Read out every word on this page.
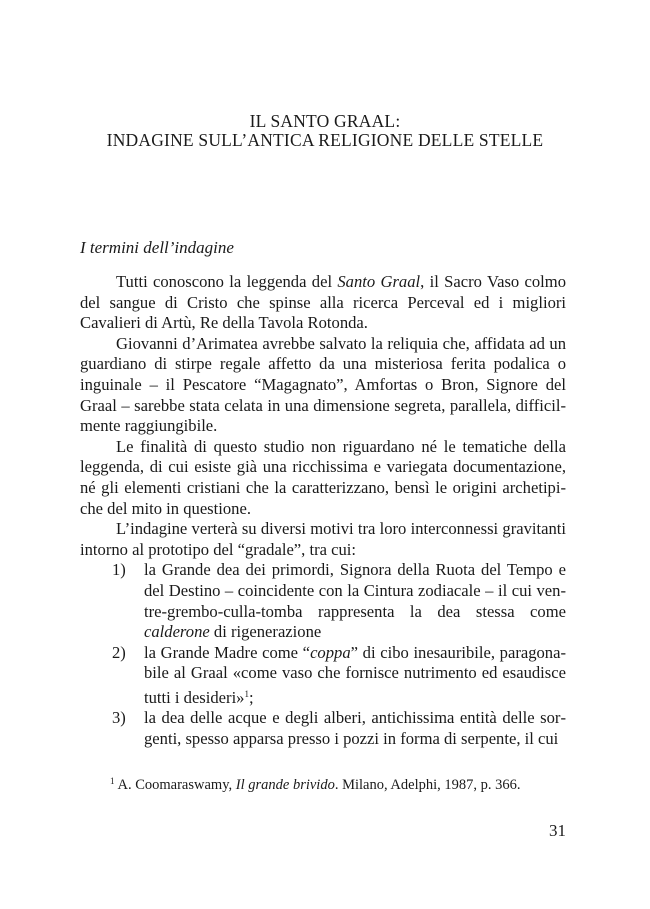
IL SANTO GRAAL:
INDAGINE SULL’ANTICA RELIGIONE DELLE STELLE
I termini dell’indagine

Tutti conoscono la leggenda del Santo Graal, il Sacro Vaso colmo del sangue di Cristo che spinse alla ricerca Perceval ed i migliori Cavalieri di Artù, Re della Tavola Rotonda.

Giovanni d’Arimatea avrebbe salvato la reliquia che, affidata ad un guardiano di stirpe regale affetto da una misteriosa ferita podalica o inguinale – il Pescatore “Magagnato”, Amfortas o Bron, Signore del Graal – sarebbe stata celata in una dimensione segreta, parallela, difficilmente raggiungibile.

Le finalità di questo studio non riguardano né le tematiche della leggenda, di cui esiste già una ricchissima e variegata documentazione, né gli elementi cristiani che la caratterizzano, bensì le origini archetipiche del mito in questione.

L’indagine verterà su diversi motivi tra loro interconnessi gravitanti intorno al prototipo del “gradale”, tra cui:

1) la Grande dea dei primordi, Signora della Ruota del Tempo e del Destino – coincidente con la Cintura zodiacale – il cui ventre-grembo-culla-tomba rappresenta la dea stessa come calderone di rigenerazione
2) la Grande Madre come “coppa” di cibo inesauribile, paragonabile al Graal «come vaso che fornisce nutrimento ed esaudisce tutti i desideri»$^1$;
3) la dea delle acque e degli alberi, antichissima entità delle sorgenti, spesso apparsa presso i pozzi in forma di serpente, il cui
$^1$ A. Coomaraswamy, Il grande brivido. Milano, Adelphi, 1987, p. 366.
31
